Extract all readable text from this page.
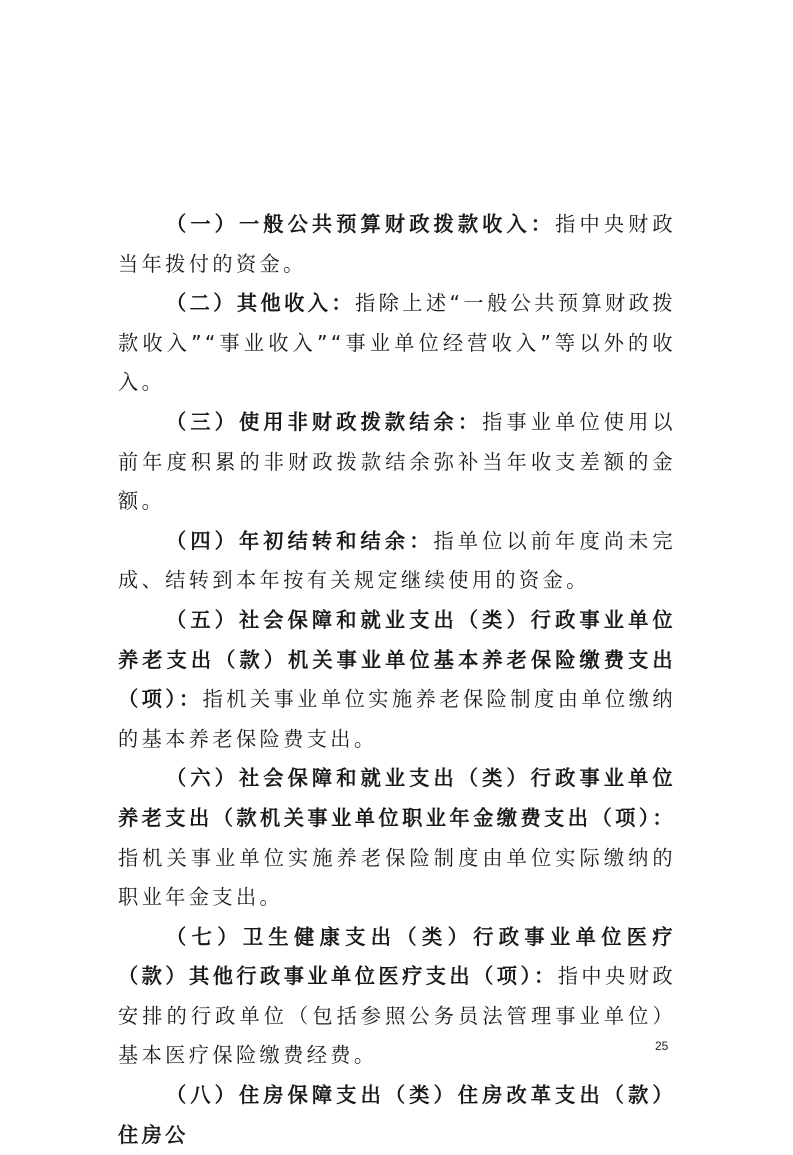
（一）一般公共预算财政拨款收入：指中央财政当年拨付的资金。

（二）其他收入：指除上述“一般公共预算财政拨款收入”“事业收入”“事业单位经营收入”等以外的收入。

（三）使用非财政拨款结余：指事业单位使用以前年度积累的非财政拨款结余弥补当年收支差额的金额。

（四）年初结转和结余：指单位以前年度尚未完成、结转到本年按有关规定继续使用的资金。

（五）社会保障和就业支出（类）行政事业单位养老支出（款）机关事业单位基本养老保险缴费支出（项）：指机关事业单位实施养老保险制度由单位缴纳的基本养老保险费支出。

（六）社会保障和就业支出（类）行政事业单位养老支出（款机关事业单位职业年金缴费支出（项）：指机关事业单位实施养老保险制度由单位实际缴纳的职业年金支出。

（七）卫生健康支出（类）行政事业单位医疗（款）其他行政事业单位医疗支出（项）：指中央财政安排的行政单位（包括参照公务员法管理事业单位）基本医疗保险缴费经费。

（八）住房保障支出（类）住房改革支出（款）住房公

25
